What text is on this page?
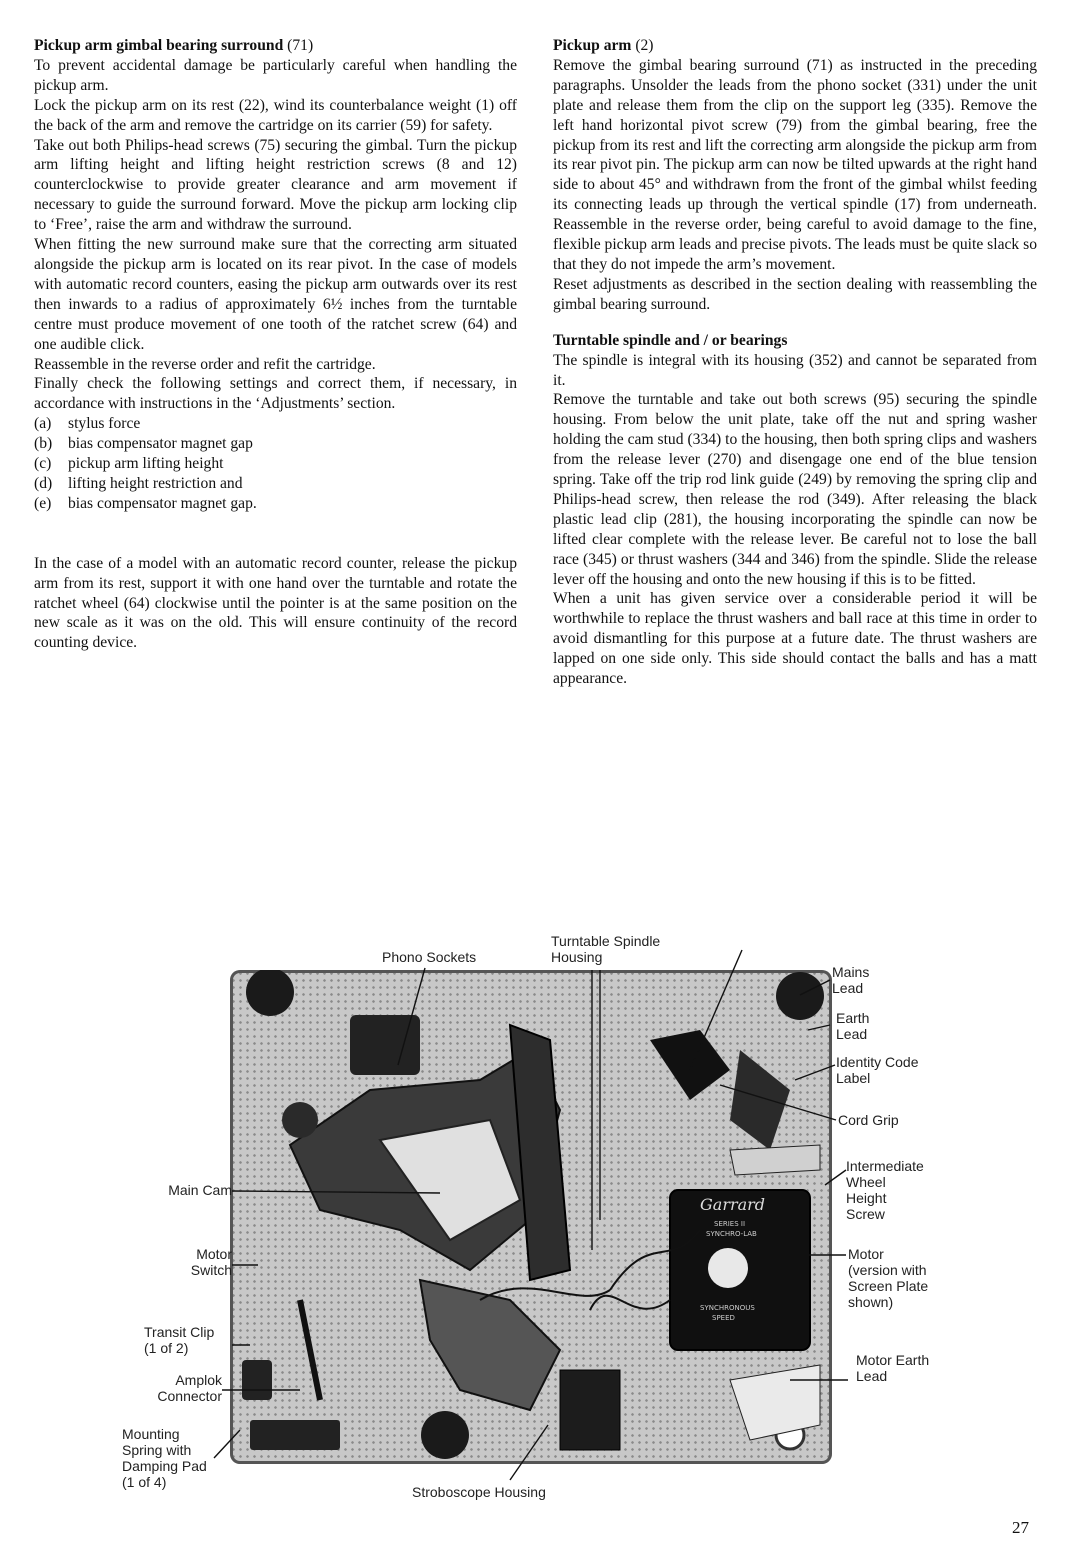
Pickup arm gimbal bearing surround (71)

To prevent accidental damage be particularly careful when handling the pickup arm.

Lock the pickup arm on its rest (22), wind its counterbalance weight (1) off the back of the arm and remove the cartridge on its carrier (59) for safety.

Take out both Philips-head screws (75) securing the gimbal. Turn the pickup arm lifting height and lifting height restriction screws (8 and 12) counterclockwise to provide greater clearance and arm movement if necessary to guide the surround forward. Move the pickup arm locking clip to ‘Free’, raise the arm and withdraw the surround.

When fitting the new surround make sure that the correcting arm situated alongside the pickup arm is located on its rear pivot. In the case of models with automatic record counters, easing the pickup arm outwards over its rest then inwards to a radius of approximately 6½ inches from the turntable centre must produce movement of one tooth of the ratchet screw (64) and one audible click.

Reassemble in the reverse order and refit the cartridge.

Finally check the following settings and correct them, if necessary, in accordance with instructions in the ‘Adjustments’ section.

(a)	stylus force
(b)	bias compensator magnet gap
(c)	pickup arm lifting height
(d)	lifting height restriction and
(e)	bias compensator magnet gap.

In the case of a model with an automatic record counter, release the pickup arm from its rest, support it with one hand over the turntable and rotate the ratchet wheel (64) clockwise until the pointer is at the same position on the new scale as it was on the old. This will ensure continuity of the record counting device.

Pickup arm (2)

Remove the gimbal bearing surround (71) as instructed in the preceding paragraphs. Unsolder the leads from the phono socket (331) under the unit plate and release them from the clip on the support leg (335). Remove the left hand horizontal pivot screw (79) from the gimbal bearing, free the pickup from its rest and lift the correcting arm alongside the pickup arm from its rear pivot pin. The pickup arm can now be tilted upwards at the right hand side to about 45° and withdrawn from the front of the gimbal whilst feeding its connecting leads up through the vertical spindle (17) from underneath. Reassemble in the reverse order, being careful to avoid damage to the fine, flexible pickup arm leads and precise pivots. The leads must be quite slack so that they do not impede the arm’s movement.

Reset adjustments as described in the section dealing with reassembling the gimbal bearing surround.

Turntable spindle and / or bearings

The spindle is integral with its housing (352) and cannot be separated from it.

Remove the turntable and take out both screws (95) securing the spindle housing. From below the unit plate, take off the nut and spring washer holding the cam stud (334) to the housing, then both spring clips and washers from the release lever (270) and disengage one end of the blue tension spring. Take off the trip rod link guide (249) by removing the spring clip and Philips-head screw, then release the rod (349). After releasing the black plastic lead clip (281), the housing incorporating the spindle can now be lifted clear complete with the release lever. Be careful not to lose the ball race (345) or thrust washers (344 and 346) from the spindle. Slide the release lever off the housing and onto the new housing if this is to be fitted.

When a unit has given service over a considerable period it will be worthwhile to replace the thrust washers and ball race at this time in order to avoid dismantling for this purpose at a future date. The thrust washers are lapped on one side only. This side should contact the balls and has a matt appearance.

Garrard
SERIES II
SYNCHRO-LAB
SYNCHRONOUS
SPEED
Phono Sockets
Turntable Spindle
Housing
Mains
Lead
Earth
Lead
Identity Code
Label
Cord Grip
Intermediate
Wheel
Height
Screw
Main Cam
Motor
Switch
Motor
(version with
Screen Plate
shown)
Transit Clip
(1 of 2)
Amplok
Connector
Motor Earth
Lead
Mounting
Spring with
Damping Pad
(1 of 4)
Stroboscope Housing
27
